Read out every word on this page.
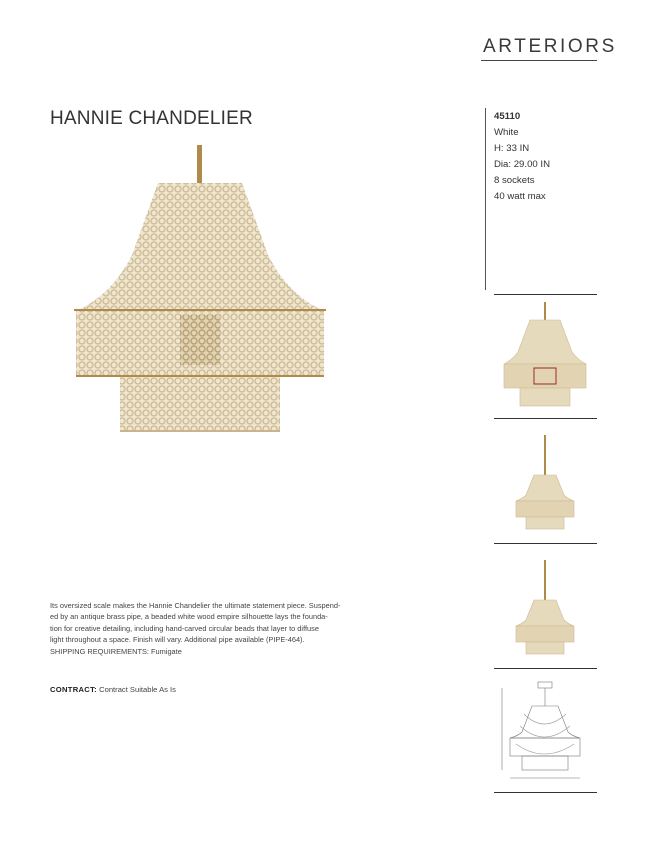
ARTERIORS
HANNIE CHANDELIER	45110
White
H: 33 IN
Dia: 29.00 IN
8 sockets
40 watt max
Its oversized scale makes the Hannie Chandelier the ultimate statement piece. Suspend-
ed by an antique brass pipe, a beaded white wood empire silhouette lays the founda-
tion for creative detailing, including hand-carved circular beads that layer to diffuse
light throughout a space. Finish will vary. Additional pipe available (PIPE-464).
SHIPPING REQUIREMENTS: Fumigate
CONTRACT: Contract Suitable As Is
